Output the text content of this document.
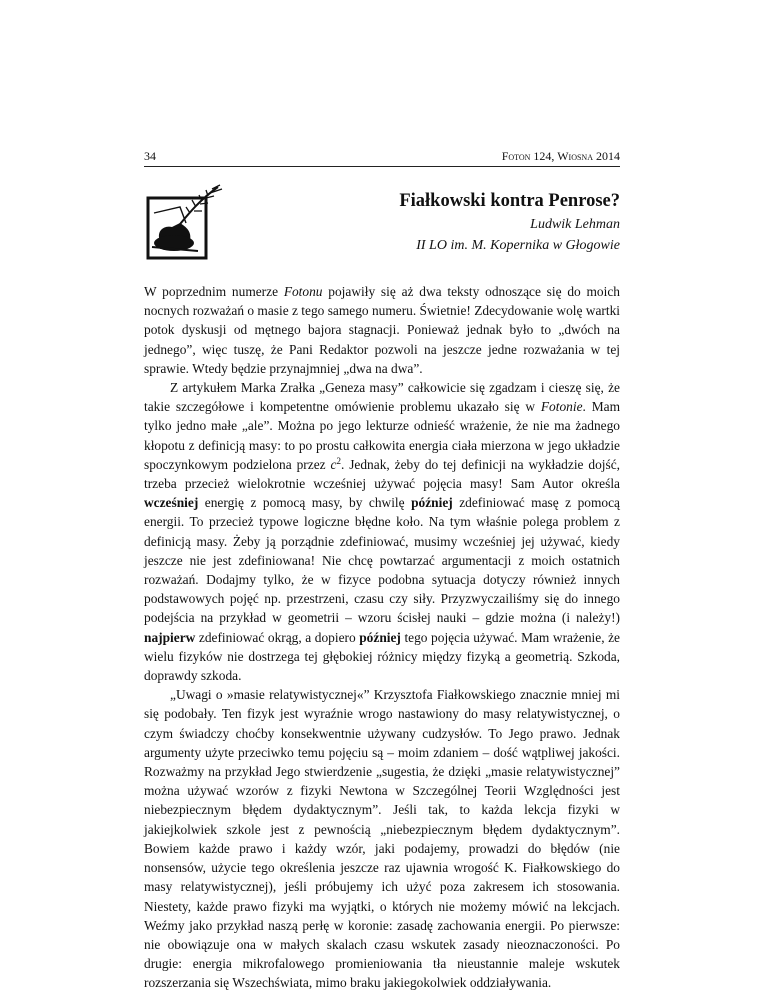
34	Foton 124, Wiosna 2014
Fiałkowski kontra Penrose?
Ludwik Lehman
II LO im. M. Kopernika w Głogowie

W poprzednim numerze Fotonu pojawiły się aż dwa teksty odnoszące się do moich nocnych rozważań o masie z tego samego numeru. Świetnie! Zdecydowanie wolę wartki potok dyskusji od mętnego bajora stagnacji. Ponieważ jednak było to „dwóch na jednego”, więc tuszę, że Pani Redaktor pozwoli na jeszcze jedne rozważania w tej sprawie. Wtedy będzie przynajmniej „dwa na dwa”.

Z artykułem Marka Zrałka „Geneza masy” całkowicie się zgadzam i cieszę się, że takie szczegółowe i kompetentne omówienie problemu ukazało się w Fotonie. Mam tylko jedno małe „ale”. Można po jego lekturze odnieść wrażenie, że nie ma żadnego kłopotu z definicją masy: to po prostu całkowita energia ciała mierzona w jego układzie spoczynkowym podzielona przez $c^2$. Jednak, żeby do tej definicji na wykładzie dojść, trzeba przecież wielokrotnie wcześniej używać pojęcia masy! Sam Autor określa wcześniej energię z pomocą masy, by chwilę później zdefiniować masę z pomocą energii. To przecież typowe logiczne błędne koło. Na tym właśnie polega problem z definicją masy. Żeby ją porządnie zdefiniować, musimy wcześniej jej używać, kiedy jeszcze nie jest zdefiniowana! Nie chcę powtarzać argumentacji z moich ostatnich rozważań. Dodajmy tylko, że w fizyce podobna sytuacja dotyczy również innych podstawowych pojęć np. przestrzeni, czasu czy siły. Przyzwyczailiśmy się do innego podejścia na przykład w geometrii – wzoru ścisłej nauki – gdzie można (i należy!) najpierw zdefiniować okrąg, a dopiero później tego pojęcia używać. Mam wrażenie, że wielu fizyków nie dostrzega tej głębokiej różnicy między fizyką a geometrią. Szkoda, doprawdy szkoda.

„Uwagi o »masie relatywistycznej«” Krzysztofa Fiałkowskiego znacznie mniej mi się podobały. Ten fizyk jest wyraźnie wrogo nastawiony do masy relatywistycznej, o czym świadczy choćby konsekwentnie używany cudzysłów. To Jego prawo. Jednak argumenty użyte przeciwko temu pojęciu są – moim zdaniem – dość wątpliwej jakości. Rozważmy na przykład Jego stwierdzenie „sugestia, że dzięki „masie relatywistycznej” można używać wzorów z fizyki Newtona w Szczególnej Teorii Względności jest niebezpiecznym błędem dydaktycznym”. Jeśli tak, to każda lekcja fizyki w jakiejkolwiek szkole jest z pewnością „niebezpiecznym błędem dydaktycznym”. Bowiem każde prawo i każdy wzór, jaki podajemy, prowadzi do błędów (nie nonsensów, użycie tego określenia jeszcze raz ujawnia wrogość K. Fiałkowskiego do masy relatywistycznej), jeśli próbujemy ich użyć poza zakresem ich stosowania. Niestety, każde prawo fizyki ma wyjątki, o których nie możemy mówić na lekcjach. Weźmy jako przykład naszą perłę w koronie: zasadę zachowania energii. Po pierwsze: nie obowiązuje ona w małych skalach czasu wskutek zasady nieoznaczoności. Po drugie: energia mikrofalowego promieniowania tła nieustannie maleje wskutek rozszerzania się Wszechświata, mimo braku jakiegokolwiek oddziaływania.
